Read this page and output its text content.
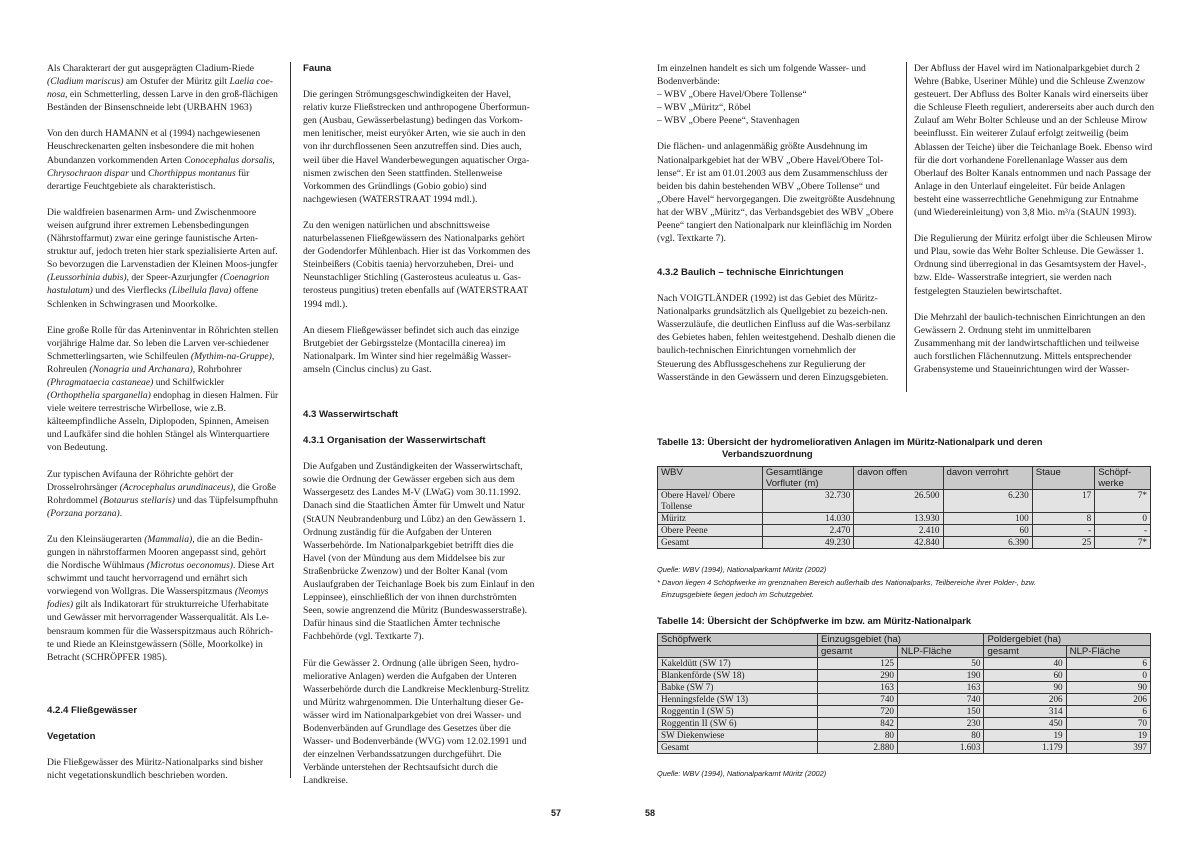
Als Charakterart der gut ausgeprägten Cladium-Riede (Cladium mariscus) am Ostufer der Müritz gilt Laelia coe-nosa, ein Schmetterling, dessen Larve in den groß-flächigen Beständen der Binsenschneide lebt (URBAHN 1963)

Von den durch HAMANN et al (1994) nachgewiesenen Heuschreckenarten gelten insbesondere die mit hohen Abundanzen vorkommenden Arten Conocephalus dorsalis, Chrysochraon dispar und Chorthippus montanus für derartige Feuchtgebiete als charakteristisch.

Die waldfreien basenarmen Arm- und Zwischenmoore weisen aufgrund ihrer extremen Lebensbedingungen (Nährstoffarmut) zwar eine geringe faunistische Arten-struktur auf, jedoch treten hier stark spezialisierte Arten auf. So bevorzugen die Larvenstadien der Kleinen Moos-jungfer (Leussorhinia dubis), der Speer-Azurjungfer (Coenagrion hastulatum) und des Vierflecks (Libellula flava) offene Schlenken in Schwingrasen und Moorkolke.

Eine große Rolle für das Arteninventar in Röhrichten stellen vorjährige Halme dar. So leben die Larven ver-schiedener Schmetterlingsarten, wie Schilfeulen (Mythim-na-Gruppe), Rohreulen (Nonagria und Archanara), Rohrbohrer (Phragmataecia castaneae) und Schilfwickler (Orthopthelia sparganella) endophag in diesen Halmen. Für viele weitere terrestrische Wirbellose, wie z.B. kälteempfindliche Asseln, Diplopoden, Spinnen, Ameisen und Laufkäfer sind die hohlen Stängel als Winterquartiere von Bedeutung.

Zur typischen Avifauna der Röhrichte gehört der Drosselrohrsänger (Acrocephalus arundinaceus), die Große Rohrdommel (Botaurus stellaris) und das Tüpfelsumpfhuhn (Porzana porzana).

Zu den Kleinsäugerarten (Mammalia), die an die Bedin-gungen in nährstoffarmen Mooren angepasst sind, gehört die Nordische Wühlmaus (Microtus oeconomus). Diese Art schwimmt und taucht hervorragend und ernährt sich vorwiegend von Wollgras. Die Wasserspitzmaus (Neomys fodies) gilt als Indikatorart für strukturreiche Uferhabitate und Gewässer mit hervorragender Wasserqualität. Als Le-bensraum kommen für die Wasserspitzmaus auch Röhrich-te und Riede an Kleinstgewässern (Sölle, Moorkolke) in Betracht (SCHRÖPFER 1985).

4.2.4 Fließgewässer

Vegetation

Die Fließgewässer des Müritz-Nationalparks sind bisher nicht vegetationskundlich beschrieben worden.

Fauna

Die geringen Strömungsgeschwindigkeiten der Havel, relativ kurze Fließstrecken und anthropogene Überformun-gen (Ausbau, Gewässerbelastung) bedingen das Vorkom-men lenitischer, meist euryöker Arten, wie sie auch in den von ihr durchflossenen Seen anzutreffen sind. Dies auch, weil über die Havel Wanderbewegungen aquatischer Orga-nismen zwischen den Seen stattfinden. Stellenweise Vorkommen des Gründlings (Gobio gobio) sind nachgewiesen (WATERSTRAAT 1994 mdl.).

Zu den wenigen natürlichen und abschnittsweise naturbelassenen Fließgewässern des Nationalparks gehört der Godendorfer Mühlenbach. Hier ist das Vorkommen des Steinbeißers (Cobitis taenia) hervorzuheben, Drei- und Neunstachliger Stichling (Gasterosteus aculeatus u. Gas-terosteus pungitius) treten ebenfalls auf (WATERSTRAAT 1994 mdl.).

An diesem Fließgewässer befindet sich auch das einzige Brutgebiet der Gebirgsstelze (Montacilla cinerea) im Nationalpark. Im Winter sind hier regelmäßig Wasser-amseln (Cinclus cinclus) zu Gast.

4.3 Wasserwirtschaft

4.3.1 Organisation der Wasserwirtschaft

Die Aufgaben und Zuständigkeiten der Wasserwirtschaft, sowie die Ordnung der Gewässer ergeben sich aus dem Wassergesetz des Landes M-V (LWaG) vom 30.11.1992. Danach sind die Staatlichen Ämter für Umwelt und Natur (StAUN Neubrandenburg und Lübz) an den Gewässern 1. Ordnung zuständig für die Aufgaben der Unteren Wasserbehörde. Im Nationalparkgebiet betrifft dies die Havel (von der Mündung aus dem Middelsee bis zur Straßenbrücke Zwenzow) und der Bolter Kanal (vom Auslaufgraben der Teichanlage Boek bis zum Einlauf in den Leppinsee), einschließlich der von ihnen durchströmten Seen, sowie angrenzend die Müritz (Bundeswasserstraße). Dafür hinaus sind die Staatlichen Ämter technische Fachbehörde (vgl. Textkarte 7).

Für die Gewässer 2. Ordnung (alle übrigen Seen, hydro-meliorative Anlagen) werden die Aufgaben der Unteren Wasserbehörde durch die Landkreise Mecklenburg-Strelitz und Müritz wahrgenommen. Die Unterhaltung dieser Ge-wässer wird im Nationalparkgebiet von drei Wasser- und Bodenverbänden auf Grundlage des Gesetzes über die Wasser- und Bodenverbände (WVG) vom 12.02.1991 und der einzelnen Verbandssatzungen durchgeführt. Die Verbände unterstehen der Rechtsaufsicht durch die Landkreise.

57

Im einzelnen handelt es sich um folgende Wasser- und Bodenverbände:
– WBV „Obere Havel/Obere Tollense“
– WBV „Müritz“, Röbel
– WBV „Obere Peene“, Stavenhagen

Die flächen- und anlagenmäßig größte Ausdehnung im Nationalparkgebiet hat der WBV „Obere Havel/Obere Tol-lense“. Er ist am 01.01.2003 aus dem Zusammenschluss der beiden bis dahin bestehenden WBV „Obere Tollense“ und „Obere Havel“ hervorgegangen. Die zweitgrößte Ausdehnung hat der WBV „Müritz“, das Verbandsgebiet des WBV „Obere Peene“ tangiert den Nationalpark nur kleinflächig im Norden (vgl. Textkarte 7).

4.3.2 Baulich – technische Einrichtungen

Nach VOIGTLÄNDER (1992) ist das Gebiet des Müritz-Nationalparks grundsätzlich als Quellgebiet zu bezeich-nen. Wasserzuläufe, die deutlichen Einfluss auf die Was-serbilanz des Gebietes haben, fehlen weitestgehend. Deshalb dienen die baulich-technischen Einrichtungen vornehmlich der Steuerung des Abflussgeschehens zur Regulierung der Wasserstände in den Gewässern und deren Einzugsgebieten.

Der Abfluss der Havel wird im Nationalparkgebiet durch 2 Wehre (Babke, Useriner Mühle) und die Schleuse Zwenzow gesteuert. Der Abfluss des Bolter Kanals wird einerseits über die Schleuse Fleeth reguliert, andererseits aber auch durch den Zulauf am Wehr Bolter Schleuse und an der Schleuse Mirow beeinflusst. Ein weiterer Zulauf erfolgt zeitweilig (beim Ablassen der Teiche) über die Teichanlage Boek. Ebenso wird für die dort vorhandene Forellenanlage Wasser aus dem Oberlauf des Bolter Kanals entnommen und nach Passage der Anlage in den Unterlauf eingeleitet. Für beide Anlagen besteht eine wasserrechtliche Genehmigung zur Entnahme (und Wiedereinleitung) von 3,8 Mio. m³/a (StAUN 1993).

Die Regulierung der Müritz erfolgt über die Schleusen Mirow und Plau, sowie das Wehr Bolter Schleuse. Die Gewässer 1. Ordnung sind überregional in das Gesamtsystem der Havel-, bzw. Elde- Wasserstraße integriert, sie werden nach festgelegten Stauzielen bewirtschaftet.

Die Mehrzahl der baulich-technischen Einrichtungen an den Gewässern 2. Ordnung steht im unmittelbaren Zusammenhang mit der landwirtschaftlichen und teilweise auch forstlichen Flächennutzung. Mittels entsprechender Grabensysteme und Staueinrichtungen wird der Wasser-

Tabelle 13: Übersicht der hydromeliorativen Anlagen im Müritz-Nationalpark und deren
Verbandszuordnung
WBV	Gesamtlänge Vorfluter (m)	davon offen	davon verrohrt	Staue	Schöpf-werke
Obere Havel/ Obere Tollense	32.730	26.500	6.230	17	7*
Müritz	14.030	13.930	100	8	0
Obere Peene	2.470	2.410	60	-	-
Gesamt	49.230	42.840	6.390	25	7*
Quelle: WBV (1994), Nationalparkamt Müritz (2002)
* Davon liegen 4 Schöpfwerke im grenznahen Bereich außerhalb des Nationalparks, Teilbereiche ihrer Polder-, bzw.
Einzugsgebiete liegen jedoch im Schutzgebiet.
Tabelle 14: Übersicht der Schöpfwerke im bzw. am Müritz-Nationalpark
Schöpfwerk	Einzugsgebiet (ha)		Poldergebiet (ha)	
	gesamt	NLP-Fläche	gesamt	NLP-Fläche
Kakeldütt (SW 17)	125	50	40	6
Blankenförde (SW 18)	290	190	60	0
Babke (SW 7)	163	163	90	90
Henningsfelde (SW 13)	740	740	206	206
Roggentin I (SW 5)	720	150	314	6
Roggentin II (SW 6)	842	230	450	70
SW Diekenwiese	80	80	19	19
Gesamt	2.880	1.603	1.179	397
Quelle: WBV (1994), Nationalparkamt Müritz (2002)
58
